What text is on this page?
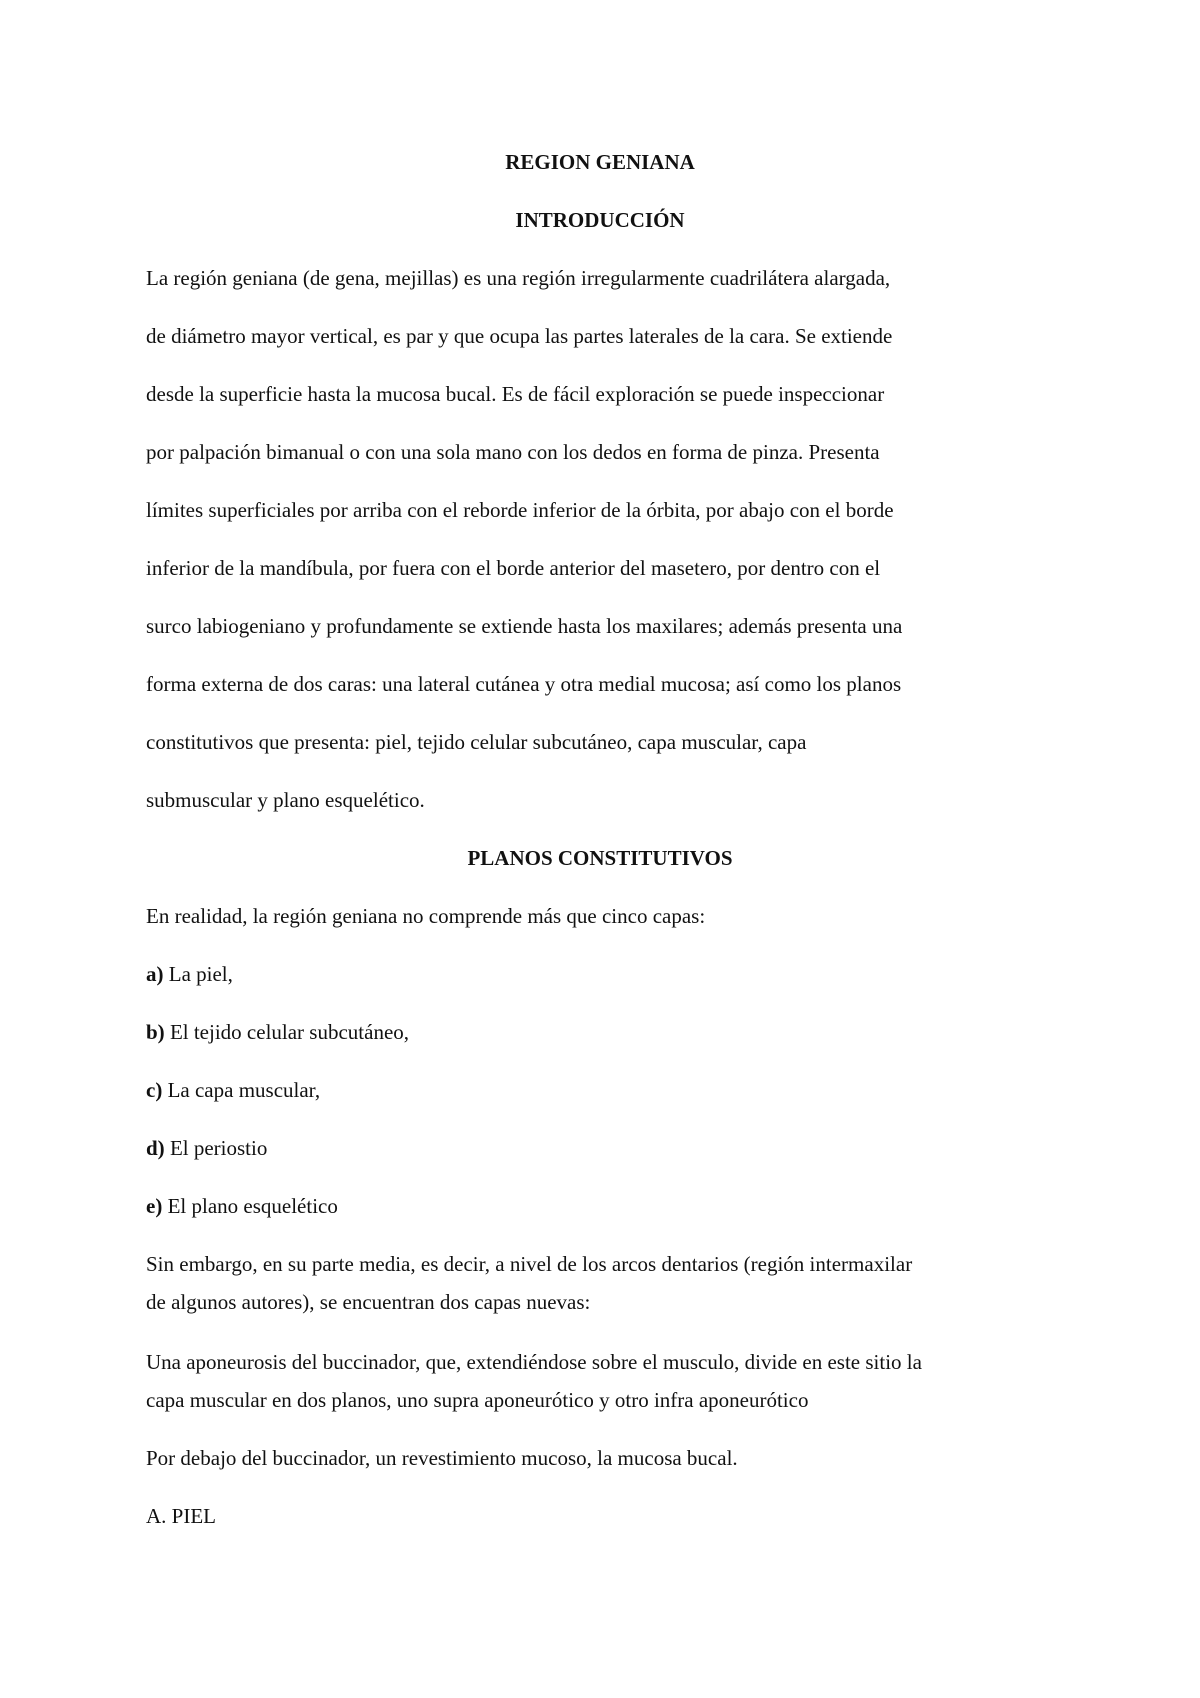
REGION GENIANA
INTRODUCCIÓN
La región geniana (de gena, mejillas) es una región irregularmente cuadrilátera alargada,
de diámetro mayor vertical, es par y que ocupa las partes laterales de la cara. Se extiende
desde la superficie hasta la mucosa bucal. Es de fácil exploración se puede inspeccionar
por palpación bimanual o con una sola mano con los dedos en forma de pinza. Presenta
límites superficiales por arriba con el reborde inferior de la órbita, por abajo con el borde
inferior de la mandíbula, por fuera con el borde anterior del masetero, por dentro con el
surco labiogeniano y profundamente se extiende hasta los maxilares; además presenta una
forma externa de dos caras: una lateral cutánea y otra medial mucosa; así como los planos
constitutivos que presenta: piel, tejido celular subcutáneo, capa muscular, capa
submuscular y plano esquelético.
PLANOS CONSTITUTIVOS
En realidad, la región geniana no comprende más que cinco capas:
a) La piel,
b) El tejido celular subcutáneo,
c) La capa muscular,
d) El periostio
e) El plano esquelético
Sin embargo, en su parte media, es decir, a nivel de los arcos dentarios (región intermaxilar
de algunos autores), se encuentran dos capas nuevas:
Una aponeurosis del buccinador, que, extendiéndose sobre el musculo, divide en este sitio la
capa muscular en dos planos, uno supra aponeurótico y otro infra aponeurótico
Por debajo del buccinador, un revestimiento mucoso, la mucosa bucal.
A. PIEL
